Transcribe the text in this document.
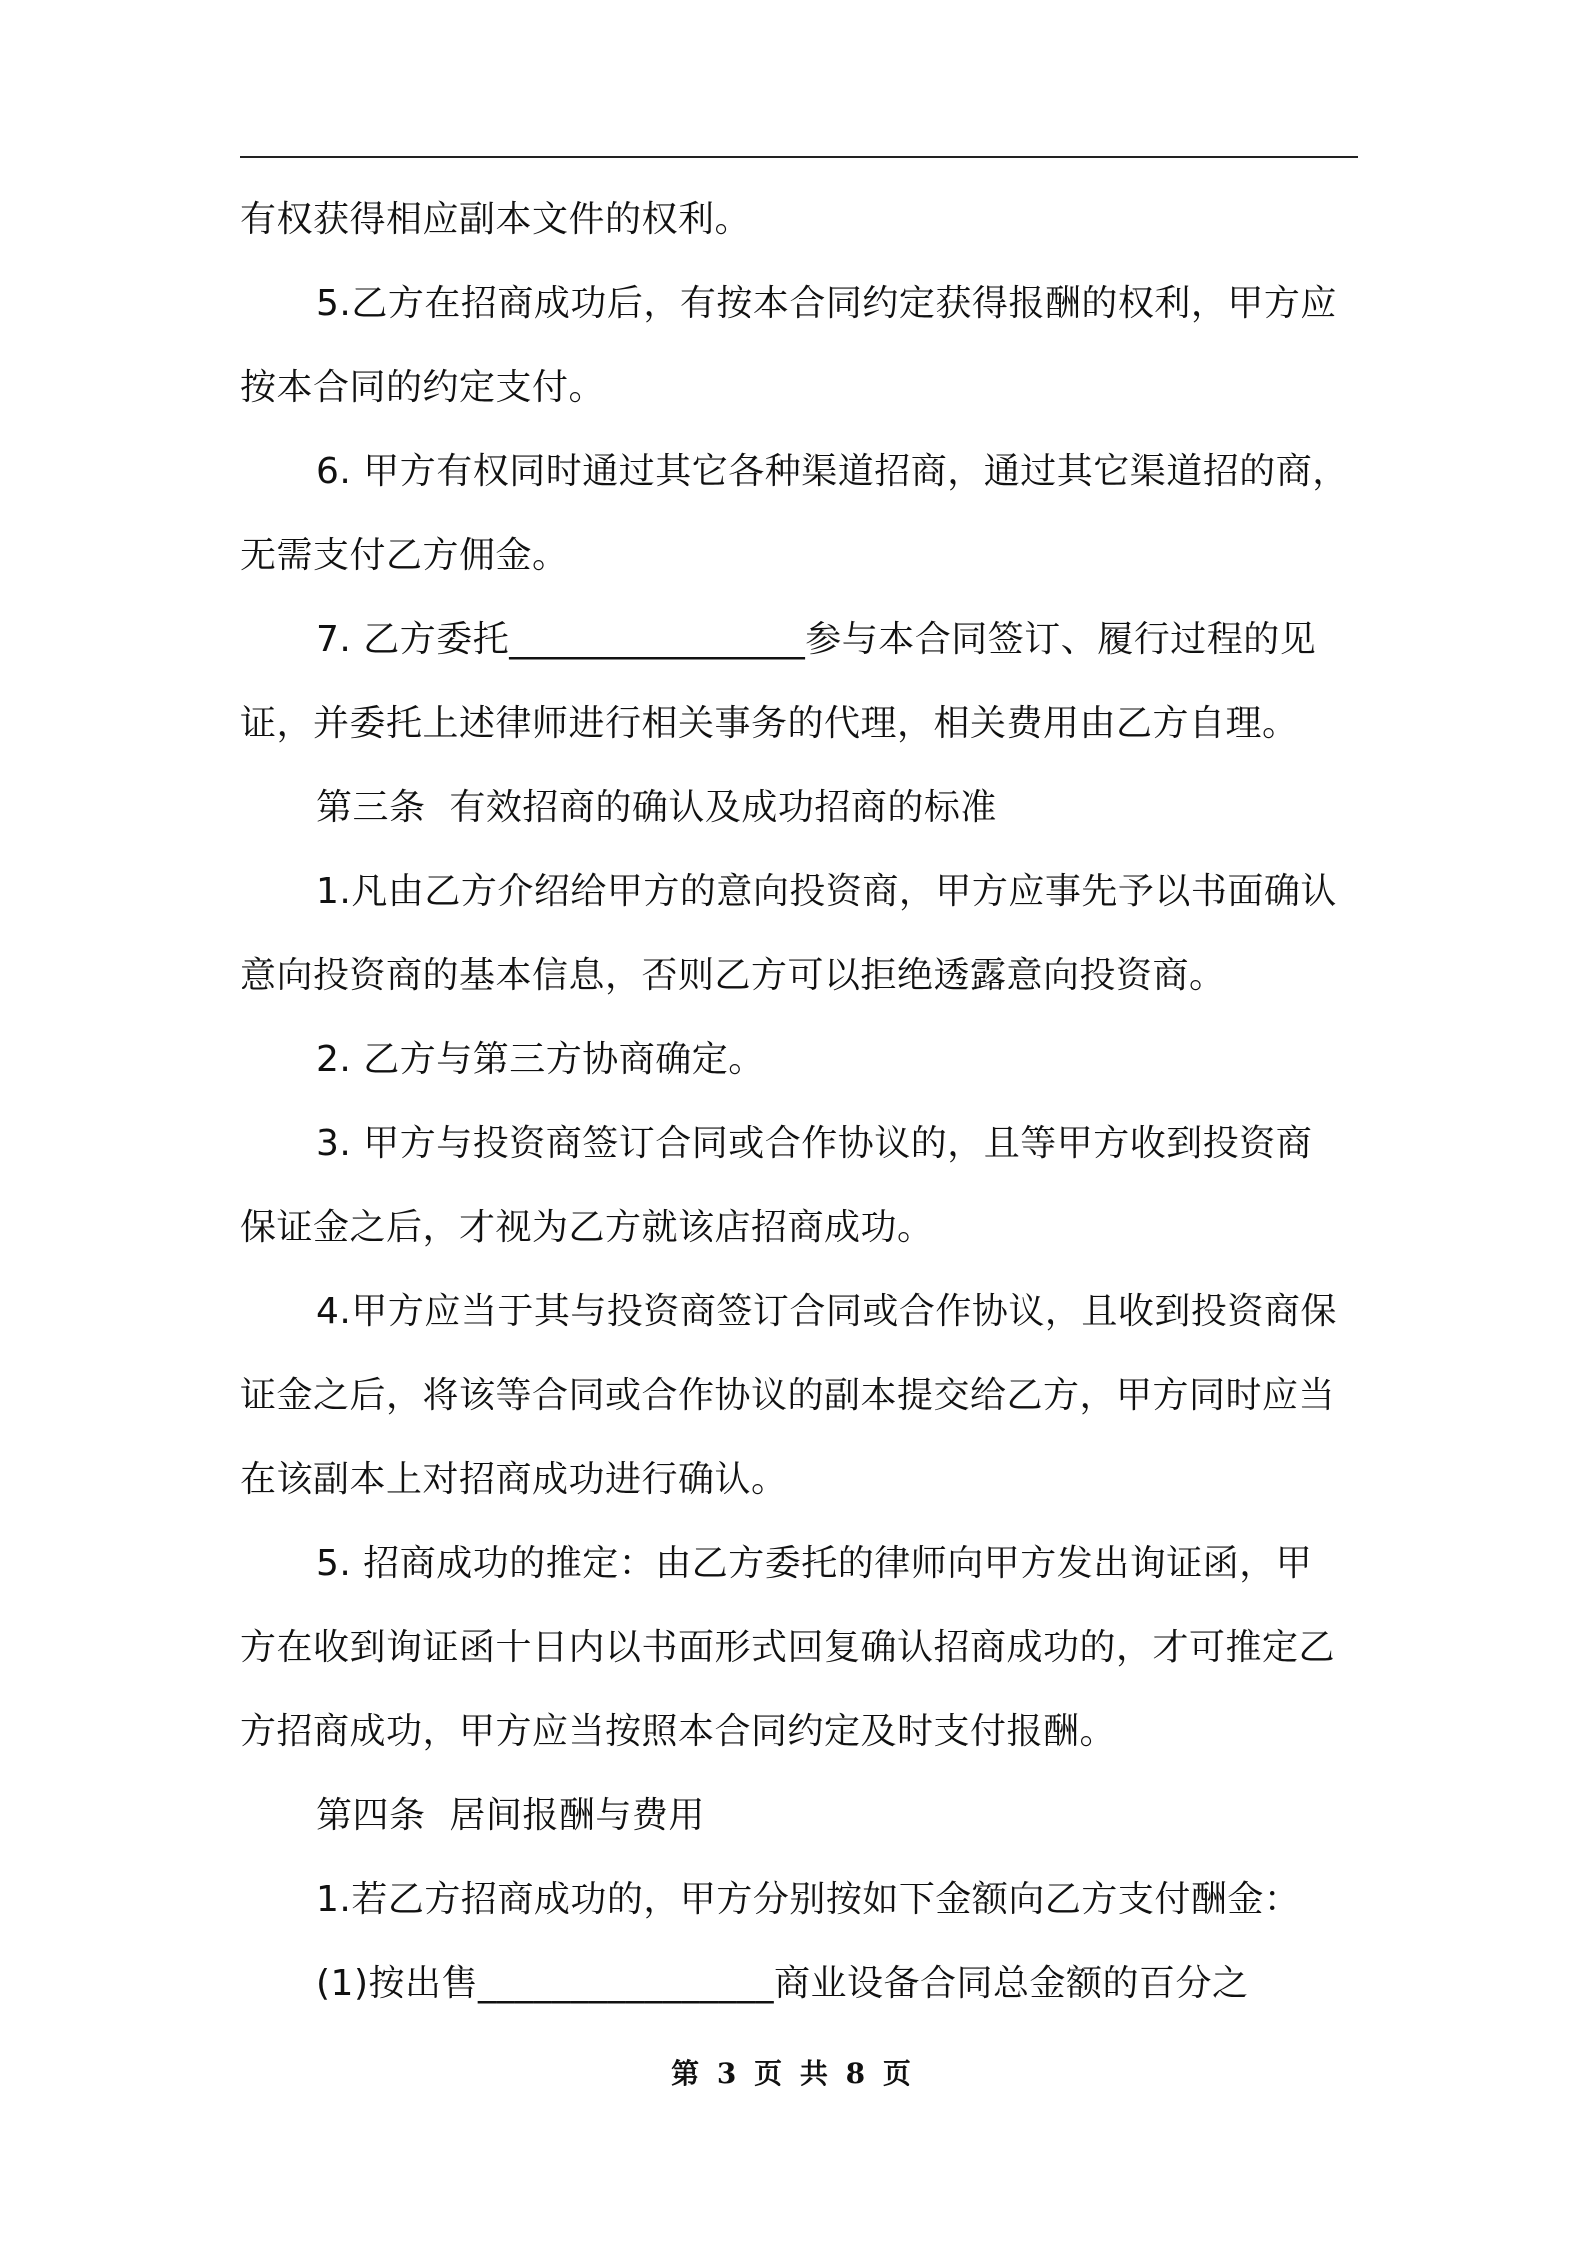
有权获得相应副本文件的权利。
5.乙方在招商成功后，有按本合同约定获得报酬的权利，甲方应
按本合同的约定支付。
6. 甲方有权同时通过其它各种渠道招商，通过其它渠道招的商，
无需支付乙方佣金。
7. 乙方委托________________参与本合同签订、履行过程的见
证，并委托上述律师进行相关事务的代理，相关费用由乙方自理。
第三条  有效招商的确认及成功招商的标准
1.凡由乙方介绍给甲方的意向投资商，甲方应事先予以书面确认
意向投资商的基本信息，否则乙方可以拒绝透露意向投资商。
2. 乙方与第三方协商确定。
3. 甲方与投资商签订合同或合作协议的，且等甲方收到投资商
保证金之后，才视为乙方就该店招商成功。
4.甲方应当于其与投资商签订合同或合作协议，且收到投资商保
证金之后，将该等合同或合作协议的副本提交给乙方，甲方同时应当
在该副本上对招商成功进行确认。
5. 招商成功的推定：由乙方委托的律师向甲方发出询证函，甲
方在收到询证函十日内以书面形式回复确认招商成功的，才可推定乙
方招商成功，甲方应当按照本合同约定及时支付报酬。
第四条  居间报酬与费用
1.若乙方招商成功的，甲方分别按如下金额向乙方支付酬金：
(1)按出售________________商业设备合同总金额的百分之
第 3 页 共 8 页
